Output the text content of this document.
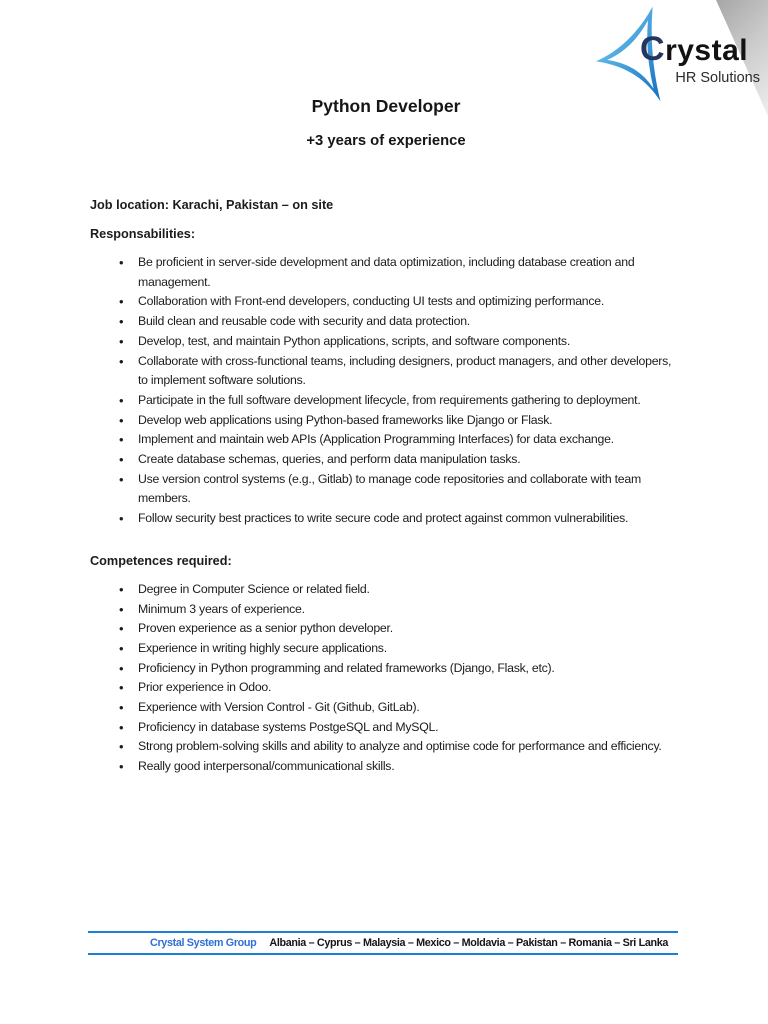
Crystal
HR Solutions
Python Developer
+3 years of experience

Job location: Karachi, Pakistan – on site

Responsabilities:

• Be proficient in server-side development and data optimization, including database creation and management.
• Collaboration with Front-end developers, conducting UI tests and optimizing performance.
• Build clean and reusable code with security and data protection.
• Develop, test, and maintain Python applications, scripts, and software components.
• Collaborate with cross-functional teams, including designers, product managers, and other developers, to implement software solutions.
• Participate in the full software development lifecycle, from requirements gathering to deployment.
• Develop web applications using Python-based frameworks like Django or Flask.
• Implement and maintain web APIs (Application Programming Interfaces) for data exchange.
• Create database schemas, queries, and perform data manipulation tasks.
• Use version control systems (e.g., Gitlab) to manage code repositories and collaborate with team members.
• Follow security best practices to write secure code and protect against common vulnerabilities.

Competences required:

• Degree in Computer Science or related field.
• Minimum 3 years of experience.
• Proven experience as a senior python developer.
• Experience in writing highly secure applications.
• Proficiency in Python programming and related frameworks (Django, Flask, etc).
• Prior experience in Odoo.
• Experience with Version Control - Git (Github, GitLab).
• Proficiency in database systems PostgeSQL and MySQL.
• Strong problem-solving skills and ability to analyze and optimise code for performance and efficiency.
• Really good interpersonal/communicational skills.
Crystal System Group Albania – Cyprus – Malaysia – Mexico – Moldavia – Pakistan – Romania – Sri Lanka
